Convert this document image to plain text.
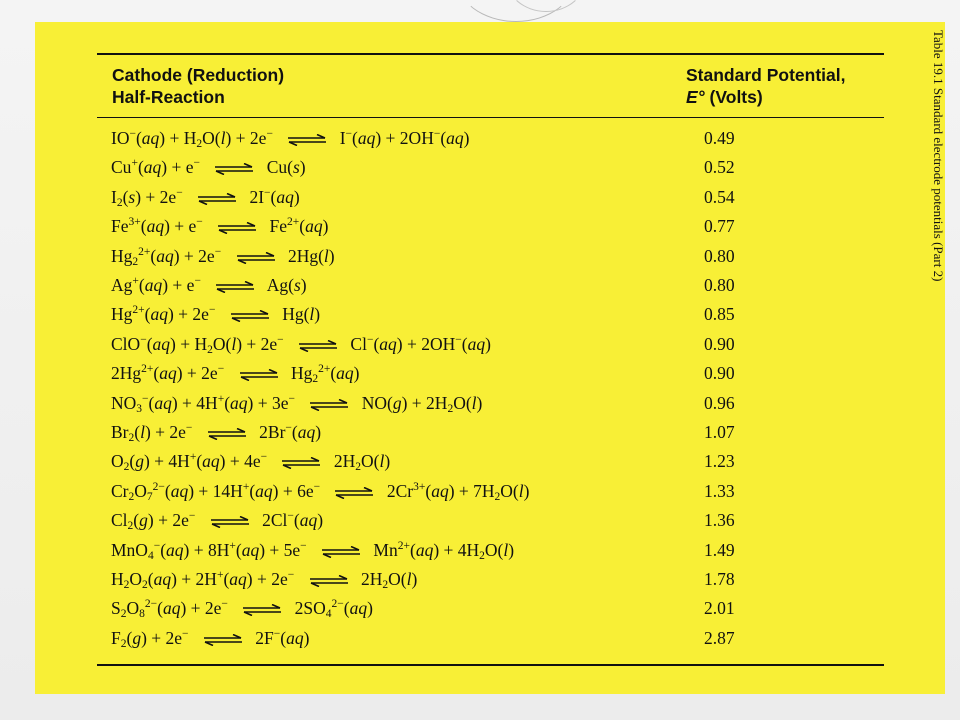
Table 19.1 Standard electrode potentials (Part 2)
Cathode (Reduction)
Half-Reaction
Standard Potential,
E° (Volts)
$IO^-(aq) + H_2O(l) + 2e^-$ ⇌ I−(aq) + 2OH−(aq)	0.49
Cu+(aq) + e− ⇌ Cu(s)	0.52
$I_2(s) + 2e^-$ ⇌ 2I−(aq)	0.54
$Fe^{3+}(aq) + e^-$ ⇌ $Fe^{2+}(aq)$	0.77
$Hg_2^{2+}(aq) + 2e^-$ ⇌ 2Hg(l)	0.80
Ag+(aq) + e− ⇌ Ag(s)	0.80
$Hg^{2+}(aq) + 2e^-$ ⇌ Hg(l)	0.85
$ClO^-(aq) + H_2O(l) + 2e^-$ ⇌ Cl−(aq) + 2OH−(aq)	0.90
$2Hg^{2+}(aq) + 2e^-$ ⇌ $Hg_2^{2+}(aq)$	0.90
$NO_3^-(aq) + 4H^+(aq) + 3e^-$ ⇌ $NO(g) + 2H_2O(l)$	0.96
$Br_2(l) + 2e^-$ ⇌ 2Br−(aq)	1.07
$O_2(g) + 4H^+(aq) + 4e^-$ ⇌ $2H_2O(l)$	1.23
$Cr_2O_7^{2-}(aq) + 14H^+(aq) + 6e^-$ ⇌ $2Cr^{3+}(aq) + 7H_2O(l)$	1.33
$Cl_2(g) + 2e^-$ ⇌ 2Cl−(aq)	1.36
MnO$_4$−(aq) + 8H+(aq) + 5e− ⇌ $Mn^{2+}(aq) + 4H_2O(l)$	1.49
$H_2O_2(aq) + 2H^+(aq) + 2e^-$ ⇌ $2H_2O(l)$	1.78
$S_2O_8^{2-}(aq) + 2e^-$ ⇌ $2SO_4^{2-}(aq)$	2.01
$F_2(g) + 2e^-$ ⇌ 2F−(aq)	2.87
